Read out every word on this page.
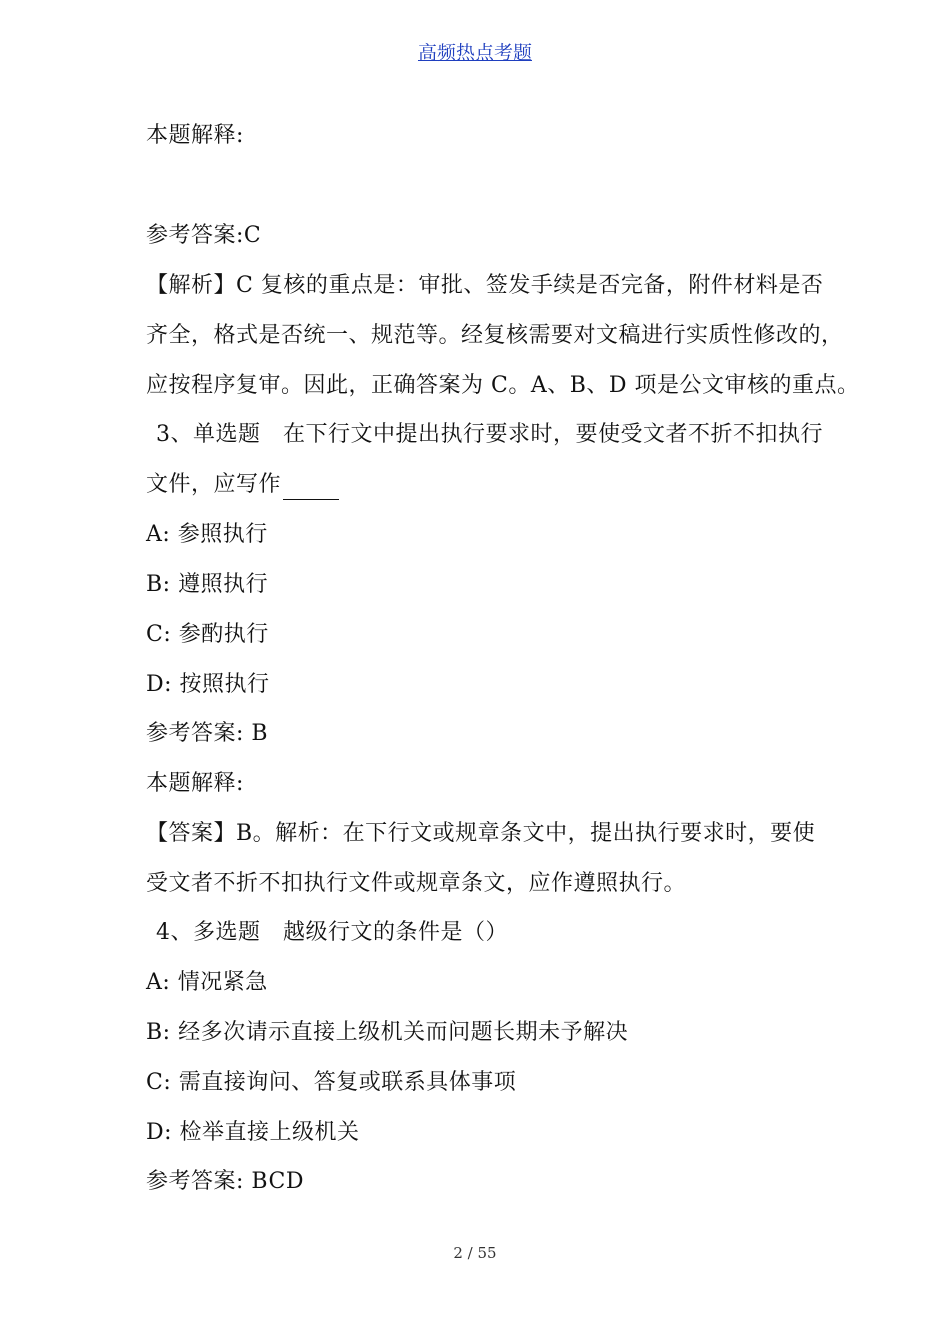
高频热点考题
本题解释:
参考答案:C
【解析】C 复核的重点是：审批、签发手续是否完备，附件材料是否
齐全，格式是否统一、规范等。经复核需要对文稿进行实质性修改的，
应按程序复审。因此，正确答案为 C。A、B、D 项是公文审核的重点。
3、单选题　在下行文中提出执行要求时，要使受文者不折不扣执行
文件，应写作
A: 参照执行
B: 遵照执行
C: 参酌执行
D: 按照执行
参考答案: B
本题解释:
【答案】B。解析：在下行文或规章条文中，提出执行要求时，要使
受文者不折不扣执行文件或规章条文，应作遵照执行。
4、多选题　越级行文的条件是（）
A: 情况紧急
B: 经多次请示直接上级机关而问题长期未予解决
C: 需直接询问、答复或联系具体事项
D: 检举直接上级机关
参考答案: BCD
2 / 55
